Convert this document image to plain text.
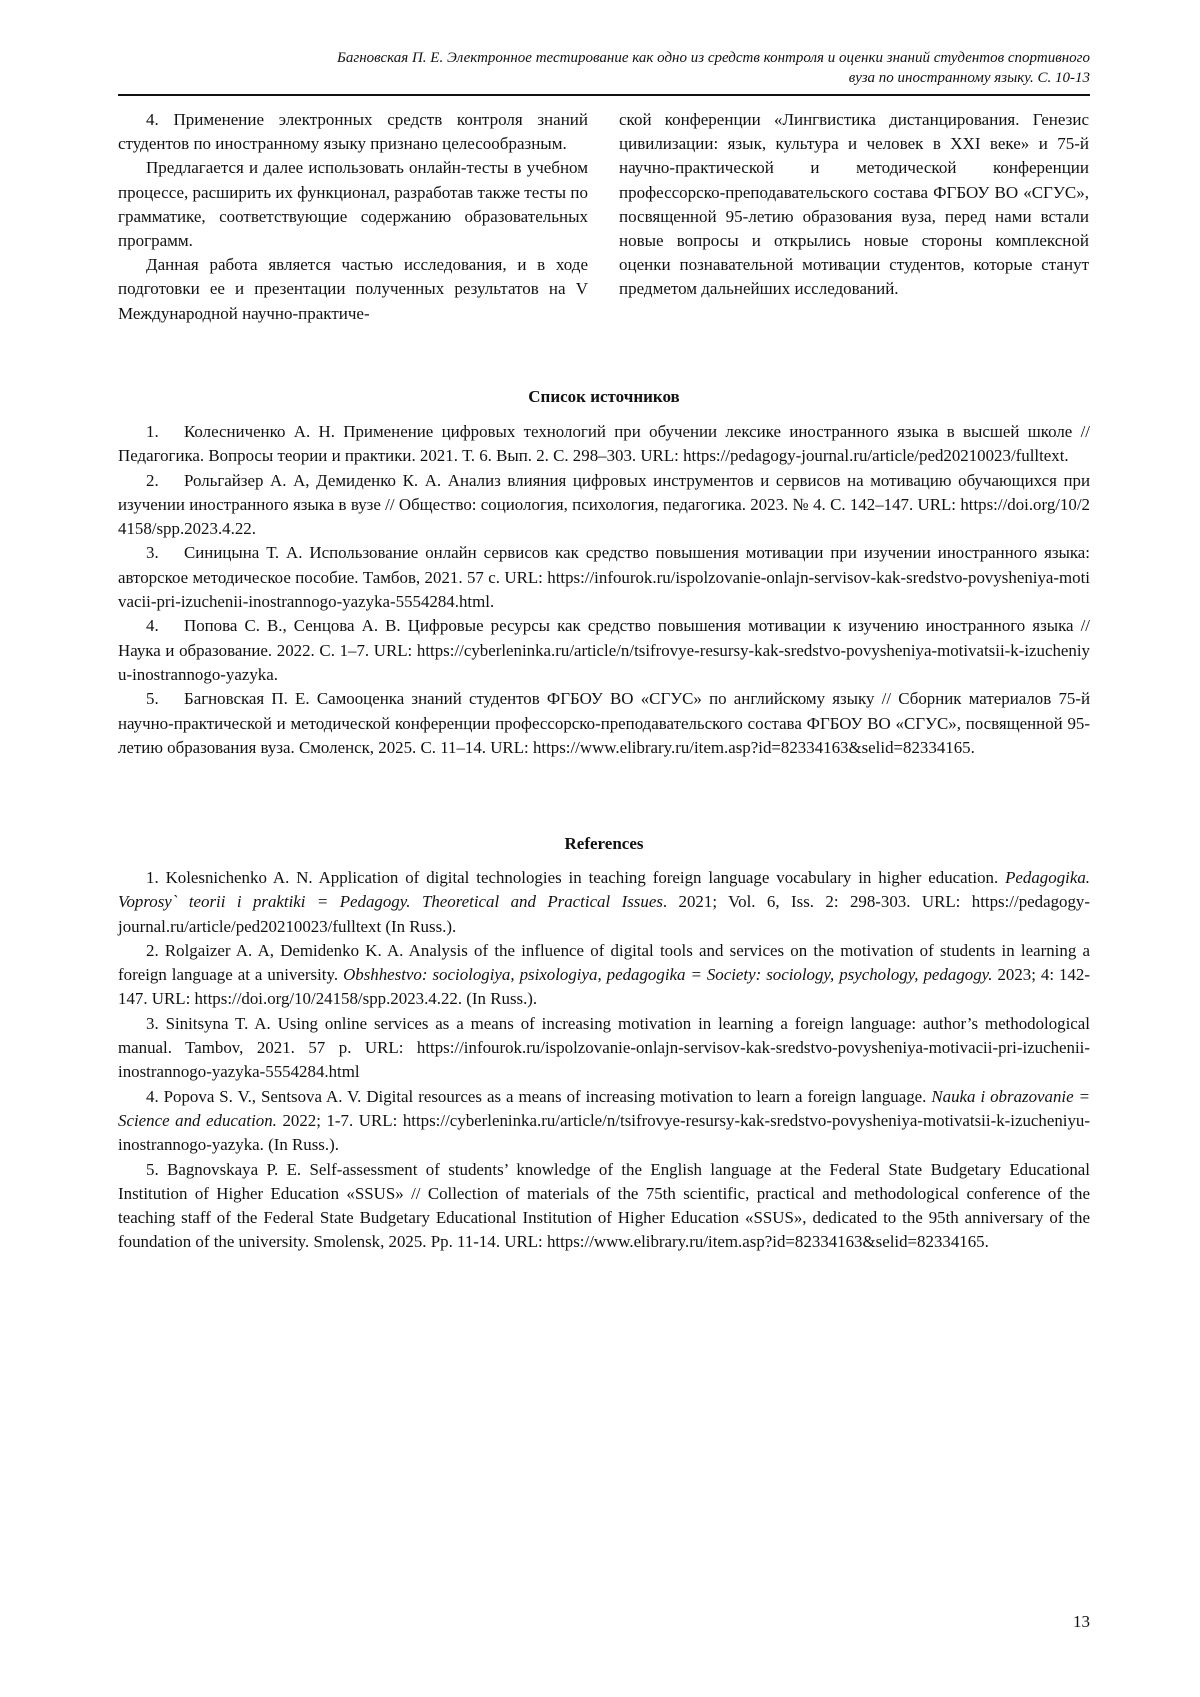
Багновская П. Е. Электронное тестирование как одно из средств контроля и оценки знаний студентов спортивного
вуза по иностранному языку. С. 10-13

4. Применение электронных средств контроля знаний студентов по иностранному языку признано целесообразным.

Предлагается и далее использовать онлайн-тесты в учебном процессе, расширить их функционал, разработав также тесты по грамматике, соответствующие содержанию образовательных программ.

Данная работа является частью исследования, и в ходе подготовки ее и презентации полученных результатов на V Международной научно-практиче-

ской конференции «Лингвистика дистанцирования. Генезис цивилизации: язык, культура и человек в XXI веке» и 75-й научно-практической и методической конференции профессорско-преподавательского состава ФГБОУ ВО «СГУС», посвященной 95-летию образования вуза, перед нами встали новые вопросы и открылись новые стороны комплексной оценки познавательной мотивации студентов, которые станут предметом дальнейших исследований.

Список источников

1. Колесниченко А. Н. Применение цифровых технологий при обучении лексике иностранного языка в высшей школе // Педагогика. Вопросы теории и практики. 2021. Т. 6. Вып. 2. С. 298–303. URL: https://pedagogy-journal.ru/article/ped20210023/fulltext.

2. Рольгайзер А. А, Демиденко К. А. Анализ влияния цифровых инструментов и сервисов на мотивацию обучающихся при изучении иностранного языка в вузе // Общество: социология, психология, педагогика. 2023. № 4. С. 142–147. URL: https://doi.org/10/24158/spp.2023.4.22.

3. Синицына Т. А. Использование онлайн сервисов как средство повышения мотивации при изучении иностранного языка: авторское методическое пособие. Тамбов, 2021. 57 с. URL: https://infourok.ru/ispolzovanie-onlajn-servisov-kak-sredstvo-povysheniya-motivacii-pri-izuchenii-inostrannogo-yazyka-5554284.html.

4. Попова С. В., Сенцова А. В. Цифровые ресурсы как средство повышения мотивации к изучению иностранного языка // Наука и образование. 2022. С. 1–7. URL: https://cyberleninka.ru/article/n/tsifrovye-resursy-kak-sredstvo-povysheniya-motivatsii-k-izucheniyu-inostrannogo-yazyka.

5. Багновская П. Е. Самооценка знаний студентов ФГБОУ ВО «СГУС» по английскому языку // Сборник материалов 75-й научно-практической и методической конференции профессорско-преподавательского состава ФГБОУ ВО «СГУС», посвященной 95-летию образования вуза. Смоленск, 2025. С. 11–14. URL: https://www.elibrary.ru/item.asp?id=82334163&selid=82334165.

References

1. Kolesnichenko A. N. Application of digital technologies in teaching foreign language vocabulary in higher education. Pedagogika. Voprosy` teorii i praktiki = Pedagogy. Theoretical and Practical Issues. 2021; Vol. 6, Iss. 2: 298-303. URL: https://pedagogy-journal.ru/article/ped20210023/fulltext (In Russ.).

2. Rolgaizer A. A, Demidenko K. A. Analysis of the influence of digital tools and services on the motivation of students in learning a foreign language at a university. Obshhestvo: sociologiya, psixologiya, pedagogika = Society: sociology, psychology, pedagogy. 2023; 4: 142-147. URL: https://doi.org/10/24158/spp.2023.4.22. (In Russ.).

3. Sinitsyna T. A. Using online services as a means of increasing motivation in learning a foreign language: author’s methodological manual. Tambov, 2021. 57 p. URL: https://infourok.ru/ispolzovanie-onlajn-servisov-kak-sredstvo-povysheniya-motivacii-pri-izuchenii-inostrannogo-yazyka-5554284.html

4. Popova S. V., Sentsova A. V. Digital resources as a means of increasing motivation to learn a foreign language. Nauka i obrazovanie = Science and education. 2022; 1-7. URL: https://cyberleninka.ru/article/n/tsifrovye-resursy-kak-sredstvo-povysheniya-motivatsii-k-izucheniyu-inostrannogo-yazyka. (In Russ.).

5. Bagnovskaya P. E. Self-assessment of students’ knowledge of the English language at the Federal State Budgetary Educational Institution of Higher Education «SSUS» // Collection of materials of the 75th scientific, practical and methodological conference of the teaching staff of the Federal State Budgetary Educational Institution of Higher Education «SSUS», dedicated to the 95th anniversary of the foundation of the university. Smolensk, 2025. Pp. 11-14. URL: https://www.elibrary.ru/item.asp?id=82334163&selid=82334165.

13
